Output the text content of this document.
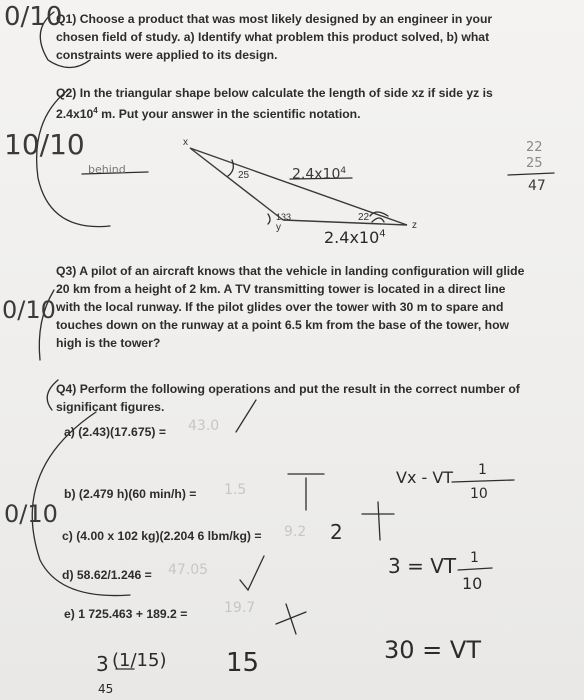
Q1) Choose a product that was most likely designed by an engineer in your
chosen field of study. a) Identify what problem this product solved, b) what
constraints were applied to its design.
Q2) In the triangular shape below calculate the length of side xz if side yz is
$2.4x10^4$ m. Put your answer in the scientific notation.
x
y	z
25
133	22
$2.4x10^4$
$2.4x10^4$
behind
22
25
47
0/10
10/10
0/10
0/10
Q3) A pilot of an aircraft knows that the vehicle in landing configuration will glide
20 km from a height of 2 km. A TV transmitting tower is located in a direct line
with the local runway. If the pilot glides over the tower with 30 m to spare and
touches down on the runway at a point 6.5 km from the base of the tower, how
high is the tower?
Q4) Perform the following operations and put the result in the correct number of
significant figures.
a) (2.43)(17.675) =
b) (2.479 h)(60 min/h) =
c) (4.00 x 102 kg)(2.204 6 lbm/kg) =
d) 58.62/1.246 =
e) 1 725.463 + 189.2 =
43.0
1.5
9.2
47.05
19.7
2
Vx - VT 1
10
3 = VT 1
10
30 = VT
3 (1/15) 15
45
